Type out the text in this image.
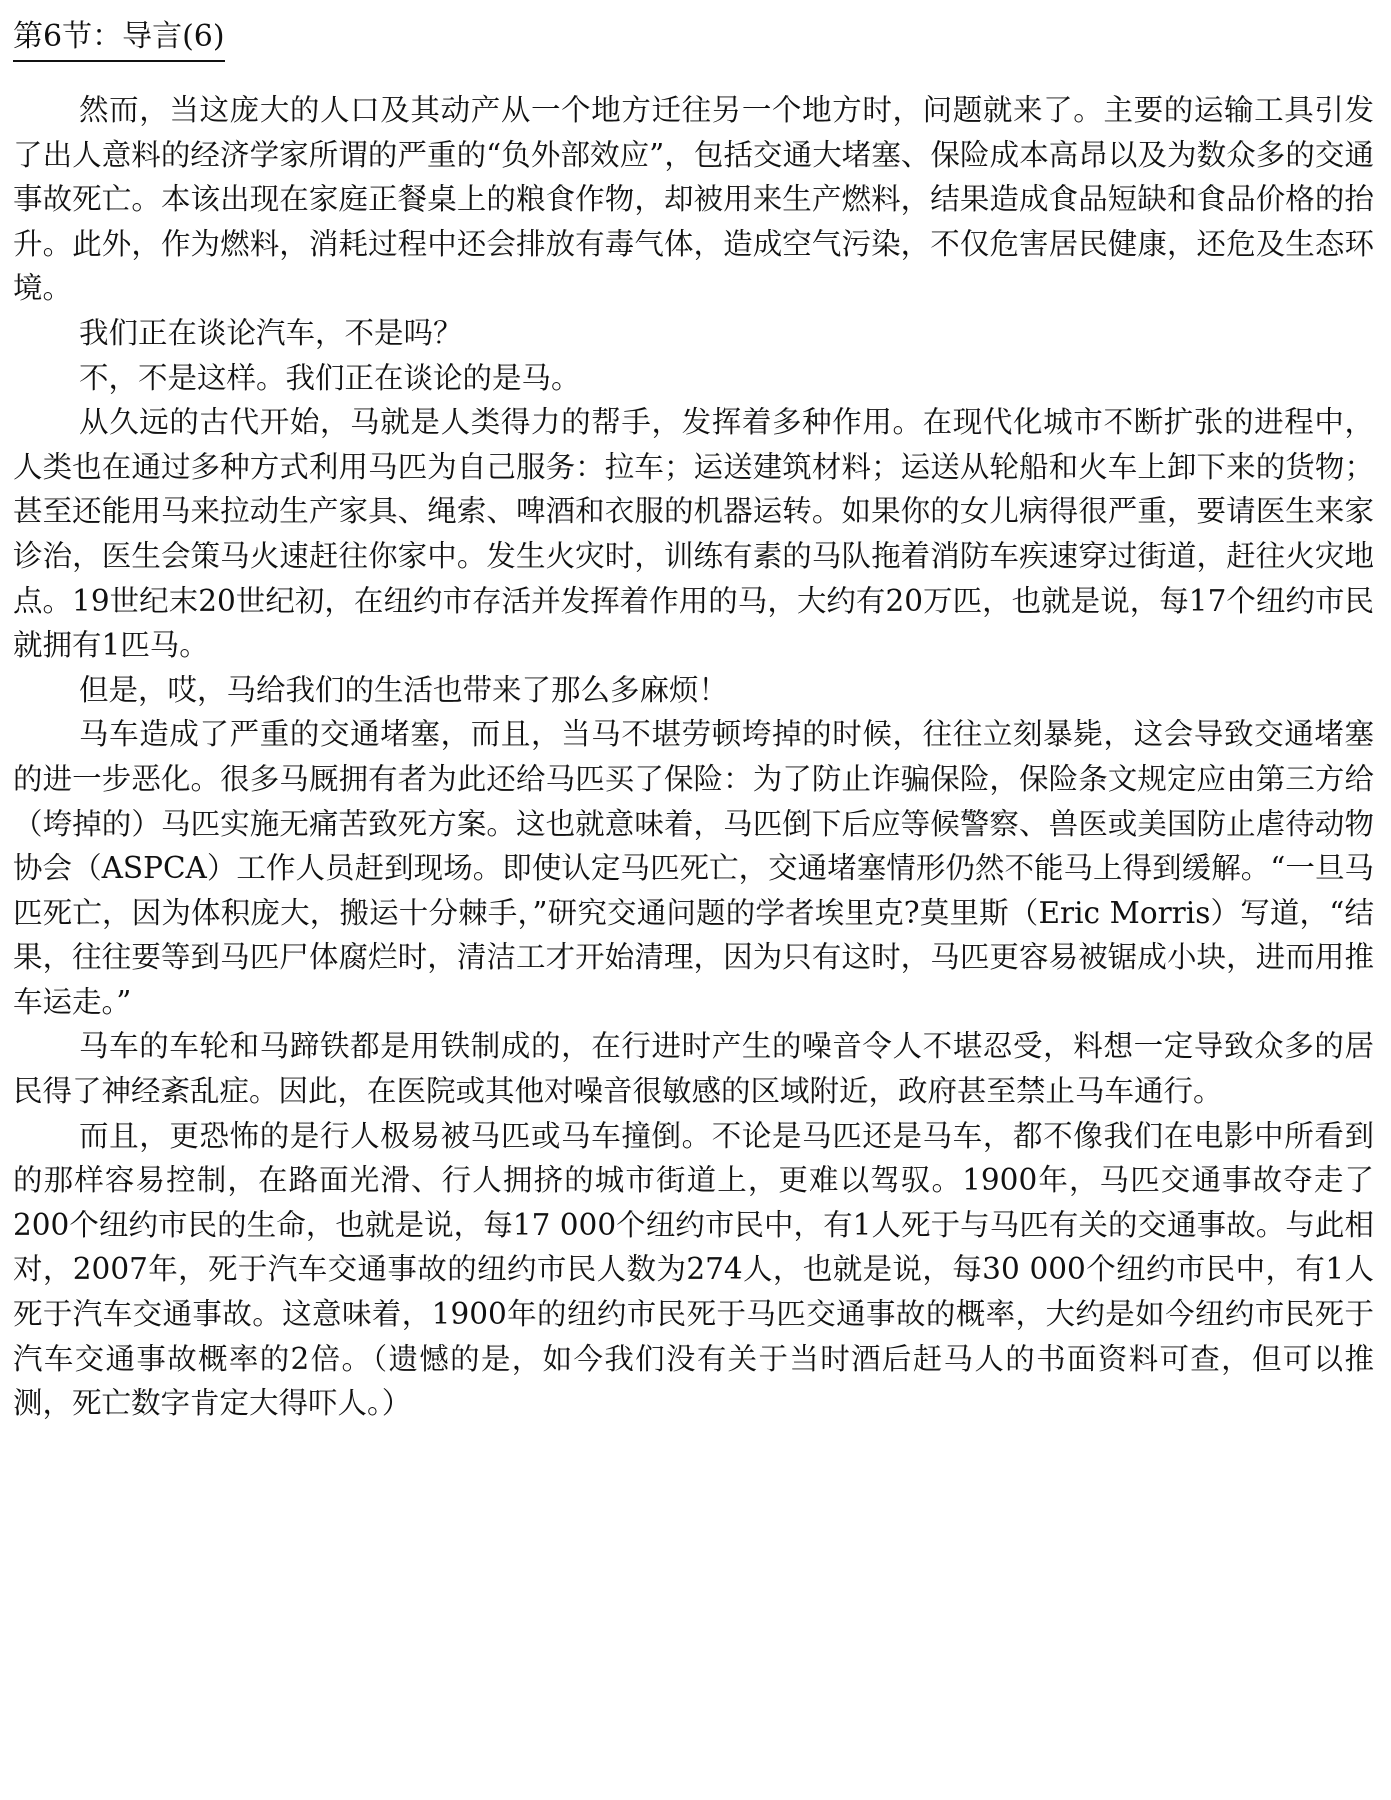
第6节：导言(6)

然而，当这庞大的人口及其动产从一个地方迁往另一个地方时，问题就来了。主要的运输工具引发了出人意料的经济学家所谓的严重的“负外部效应”，包括交通大堵塞、保险成本高昂以及为数众多的交通事故死亡。本该出现在家庭正餐桌上的粮食作物，却被用来生产燃料，结果造成食品短缺和食品价格的抬升。此外，作为燃料，消耗过程中还会排放有毒气体，造成空气污染，不仅危害居民健康，还危及生态环境。

我们正在谈论汽车，不是吗？

不，不是这样。我们正在谈论的是马。

从久远的古代开始，马就是人类得力的帮手，发挥着多种作用。在现代化城市不断扩张的进程中，人类也在通过多种方式利用马匹为自己服务：拉车；运送建筑材料；运送从轮船和火车上卸下来的货物；甚至还能用马来拉动生产家具、绳索、啤酒和衣服的机器运转。如果你的女儿病得很严重，要请医生来家诊治，医生会策马火速赶往你家中。发生火灾时，训练有素的马队拖着消防车疾速穿过街道，赶往火灾地点。19世纪末20世纪初，在纽约市存活并发挥着作用的马，大约有20万匹，也就是说，每17个纽约市民就拥有1匹马。

但是，哎，马给我们的生活也带来了那么多麻烦！

马车造成了严重的交通堵塞，而且，当马不堪劳顿垮掉的时候，往往立刻暴毙，这会导致交通堵塞的进一步恶化。很多马厩拥有者为此还给马匹买了保险：为了防止诈骗保险，保险条文规定应由第三方给（垮掉的）马匹实施无痛苦致死方案。这也就意味着，马匹倒下后应等候警察、兽医或美国防止虐待动物协会（ASPCA）工作人员赶到现场。即使认定马匹死亡，交通堵塞情形仍然不能马上得到缓解。“一旦马匹死亡，因为体积庞大，搬运十分棘手，”研究交通问题的学者埃里克?莫里斯（Eric Morris）写道，“结果，往往要等到马匹尸体腐烂时，清洁工才开始清理，因为只有这时，马匹更容易被锯成小块，进而用推车运走。”

马车的车轮和马蹄铁都是用铁制成的，在行进时产生的噪音令人不堪忍受，料想一定导致众多的居民得了神经紊乱症。因此，在医院或其他对噪音很敏感的区域附近，政府甚至禁止马车通行。

而且，更恐怖的是行人极易被马匹或马车撞倒。不论是马匹还是马车，都不像我们在电影中所看到的那样容易控制，在路面光滑、行人拥挤的城市街道上，更难以驾驭。1900年，马匹交通事故夺走了200个纽约市民的生命，也就是说，每17 000个纽约市民中，有1人死于与马匹有关的交通事故。与此相对，2007年，死于汽车交通事故的纽约市民人数为274人，也就是说，每30 000个纽约市民中，有1人死于汽车交通事故。这意味着，1900年的纽约市民死于马匹交通事故的概率，大约是如今纽约市民死于汽车交通事故概率的2倍。（遗憾的是，如今我们没有关于当时酒后赶马人的书面资料可查，但可以推测，死亡数字肯定大得吓人。）
